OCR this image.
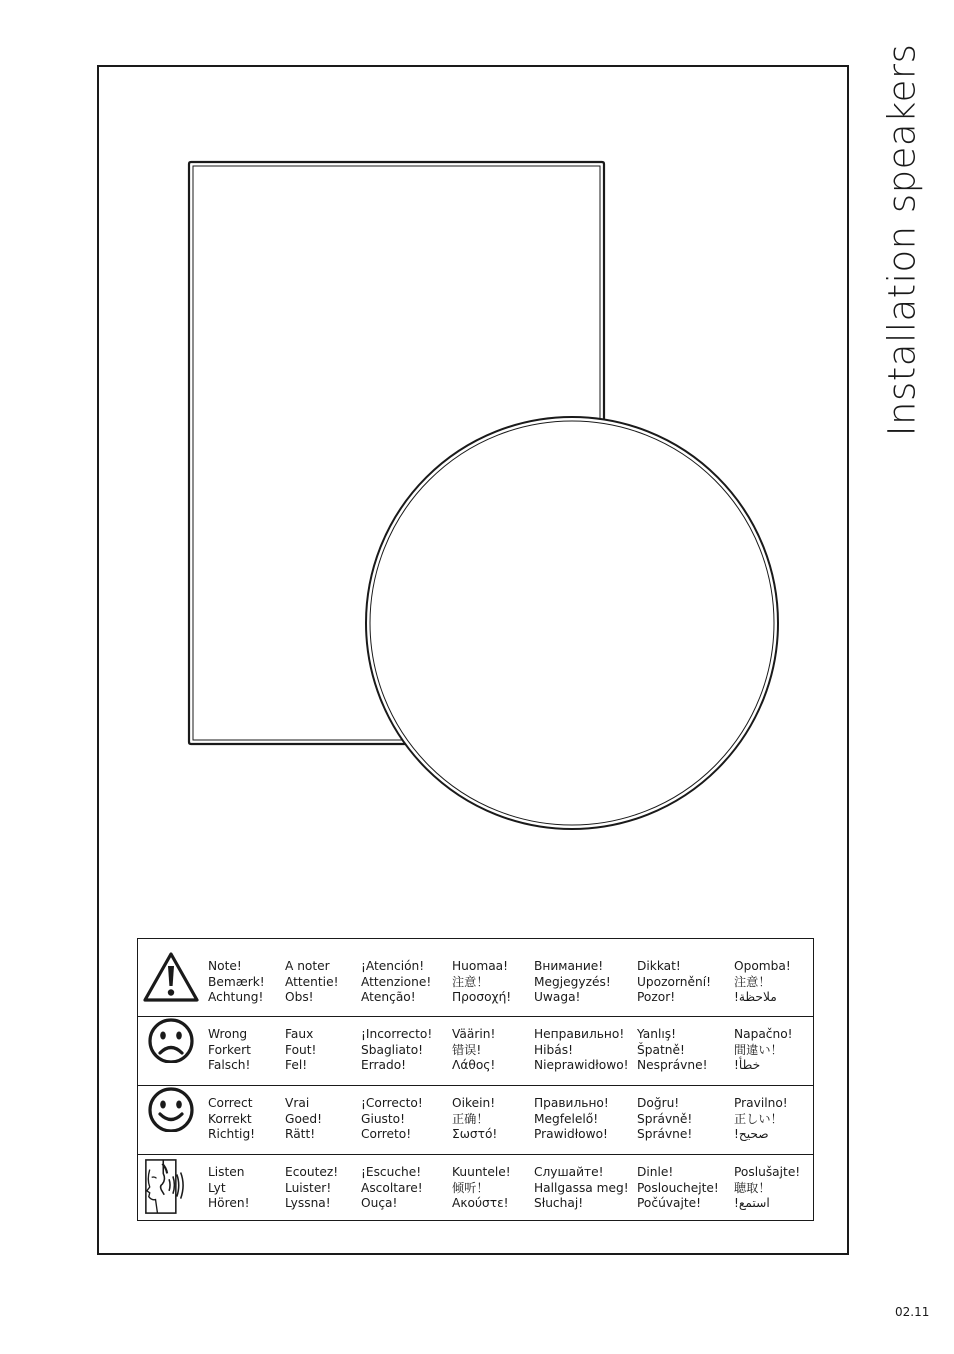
Installation speakers
Note!
Bemærk!
Achtung!
A noter
Attentie!
Obs!
¡Atención!
Attenzione!
Atenção!
Huomaa!
注意！
Προσοχή!
Внимание!
Megjegyzés!
Uwaga!
Dikkat!
Upozornění!
Pozor!
Opomba!
注意！
!ملاحظة
Wrong
Forkert
Falsch!
Faux
Fout!
Fel!
¡Incorrecto!
Sbagliato!
Errado!
Väärin!
错误!
Λάθος!
Неправильно!
Hibás!
Nieprawidłowo!
Yanlış!
Špatně!
Nesprávne!
Napačno!
間違い！
!خطأ
Correct
Korrekt
Richtig!
Vrai
Goed!
Rätt!
¡Correcto!
Giusto!
Correto!
Oikein!
正确！
Σωστό!
Правильно!
Megfelelő!
Prawidłowo!
Doğru!
Správně!
Správne!
Pravilno!
正しい！
!صحيح
Listen
Lyt
Hören!
Ecoutez!
Luister!
Lyssna!
¡Escuche!
Ascoltare!
Ouça!
Kuuntele!
倾听！
Ακούστε!
Слушайте!
Hallgassa meg!
Słuchaj!
Dinle!
Poslouchejte!
Počúvajte!
Poslušajte!
聴取！
!استمع
02.11
